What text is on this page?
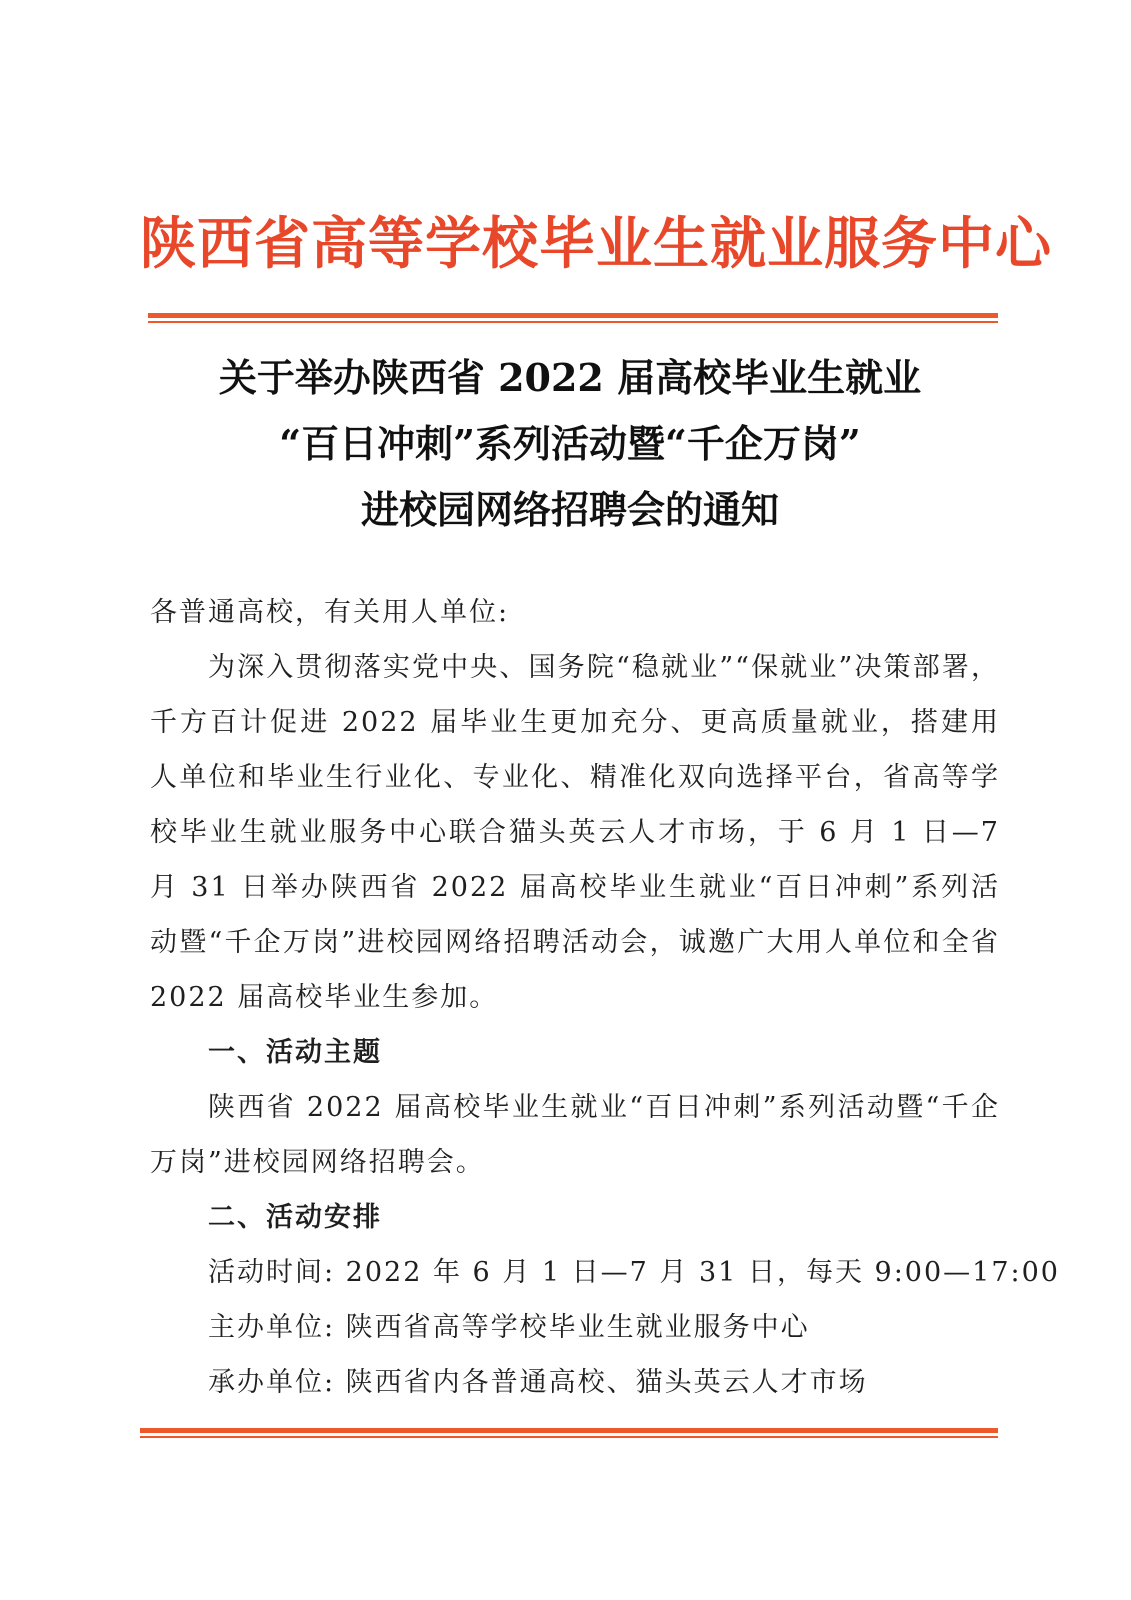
陕西省高等学校毕业生就业服务中心
关于举办陕西省 2022 届高校毕业生就业
“百日冲刺”系列活动暨“千企万岗”
进校园网络招聘会的通知

各普通高校，有关用人单位:

为深入贯彻落实党中央、国务院“稳就业”“保就业”决策部署，千方百计促进 2022 届毕业生更加充分、更高质量就业，搭建用人单位和毕业生行业化、专业化、精准化双向选择平台，省高等学校毕业生就业服务中心联合猫头英云人才市场，于 6 月 1 日—7 月 31 日举办陕西省 2022 届高校毕业生就业“百日冲刺”系列活动暨“千企万岗”进校园网络招聘活动会，诚邀广大用人单位和全省 2022 届高校毕业生参加。

一、活动主题

陕西省 2022 届高校毕业生就业“百日冲刺”系列活动暨“千企万岗”进校园网络招聘会。

二、活动安排

活动时间: 2022 年 6 月 1 日—7 月 31 日，每天 9:00—17:00

主办单位: 陕西省高等学校毕业生就业服务中心

承办单位: 陕西省内各普通高校、猫头英云人才市场
